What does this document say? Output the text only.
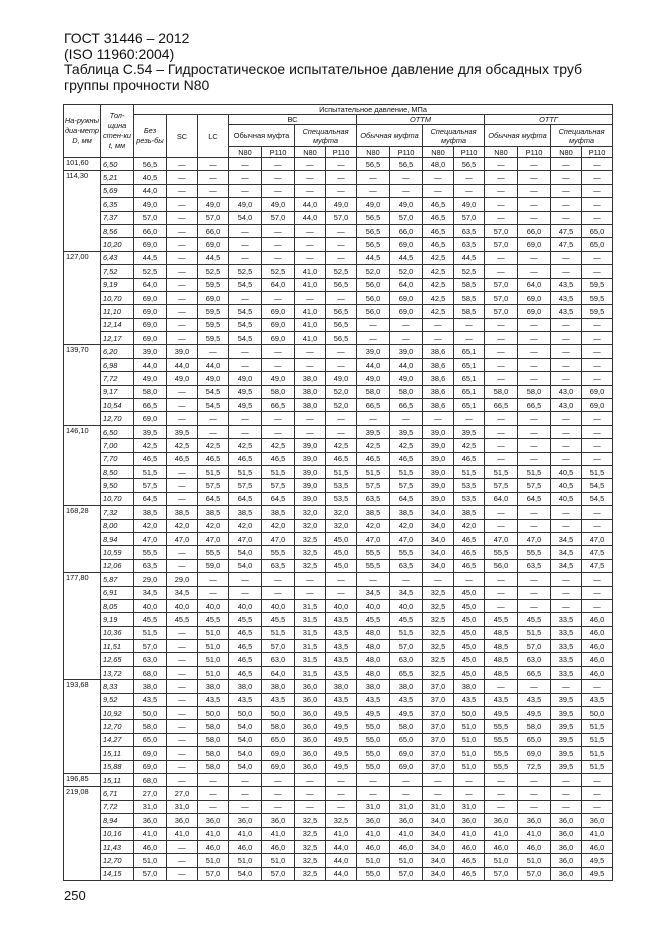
ГОСТ 31446 – 2012
(ISO 11960:2004)
Таблица С.54 – Гидростатическое испытательное давление для обсадных труб
группы прочности N80
На-ружны диа-метр D, мм	Тол-щина стен-ки t, мм	Испытательное давление, МПа														
		Без резь-бы	SC	LC	ВС				ОТТМ				ОТТГ			
					Обычная муфта		Специальная муфта		Обычная муфта		Специальная муфта		Обычная муфта		Специальная муфта	
					N80	P110	N80	P110	N80	P110	N80	P110	N80	P110	N80	P110
101,60	6,50	56,5	—	—	—	—	—	—	56,5	56,5	48,0	56,5	—	—	—	—
114,30	5,21	40,5	—	—	—	—	—	—	—	—	—	—	—	—	—	—
	5,69	44,0	—	—	—	—	—	—	—	—	—	—	—	—	—	—
	6,35	49,0	—	49,0	49,0	49,0	44,0	49,0	49,0	49,0	46,5	49,0	—	—	—	—
	7,37	57,0	—	57,0	54,0	57,0	44,0	57,0	56,5	57,0	46,5	57,0	—	—	—	—
	8,56	66,0	—	66,0	—	—	—	—	56,5	66,0	46,5	63,5	57,0	66,0	47,5	65,0
	10,20	69,0	—	69,0	—	—	—	—	56,5	69,0	46,5	63,5	57,0	69,0	47,5	65,0
127,00	6,43	44,5	—	44,5	—	—	—	—	44,5	44,5	42,5	44,5	—	—	—	—
	7,52	52,5	—	52,5	52,5	52,5	41,0	52,5	52,0	52,0	42,5	52,5	—	—	—	—
	9,19	64,0	—	59,5	54,5	64,0	41,0	56,5	56,0	64,0	42,5	58,5	57,0	64,0	43,5	59,5
	10,70	69,0	—	69,0	—	—	—	—	56,0	69,0	42,5	58,5	57,0	69,0	43,5	59,5
	11,10	69,0	—	59,5	54,5	69,0	41,0	56,5	56,0	69,0	42,5	58,5	57,0	69,0	43,5	59,5
	12,14	69,0	—	59,5	54,5	69,0	41,0	56,5	—	—	—	—	—	—	—	—
	12,17	69,0	—	59,5	54,5	69,0	41,0	56,5	—	—	—	—	—	—	—	—
139,70	6,20	39,0	39,0	—	—	—	—	—	39,0	39,0	38,6	65,1	—	—	—	—
	6,98	44,0	44,0	44,0	—	—	—	—	44,0	44,0	38,6	65,1	—	—	—	—
	7,72	49,0	49,0	49,0	49,0	49,0	38,0	49,0	49,0	49,0	38,6	65,1	—	—	—	—
	9,17	58,0	—	54,5	49,5	58,0	38,0	52,0	58,0	58,0	38,6	65,1	58,0	58,0	43,0	69,0
	10,54	66,5	—	54,5	49,5	66,5	38,0	52,0	66,5	66,5	38,6	65,1	66,5	66,5	43,0	69,0
	12,70	69,0	—	—	—	—	—	—	—	—	—	—	—	—	—	—
146,10	6,50	39,5	39,5	—	—	—	—	—	39,5	39,5	39,0	39,5	—	—	—	—
	7,00	42,5	42,5	42,5	42,5	42,5	39,0	42,5	42,5	42,5	39,0	42,5	—	—	—	—
	7,70	46,5	46,5	46,5	46,5	46,5	39,0	46,5	46,5	46,5	39,0	46,5	—	—	—	—
	8,50	51,5	—	51,5	51,5	51,5	39,0	51,5	51,5	51,5	39,0	51,5	51,5	51,5	40,5	51,5
	9,50	57,5	—	57,5	57,5	57,5	39,0	53,5	57,5	57,5	39,0	53,5	57,5	57,5	40,5	54,5
	10,70	64,5	—	64,5	64,5	64,5	39,0	53,5	63,5	64,5	39,0	53,5	64,0	64,5	40,5	54,5
168,28	7,32	38,5	38,5	38,5	38,5	38,5	32,0	32,0	38,5	38,5	34,0	38,5	—	—	—	—
	8,00	42,0	42,0	42,0	42,0	42,0	32,0	32,0	42,0	42,0	34,0	42,0	—	—	—	—
	8,94	47,0	47,0	47,0	47,0	47,0	32,5	45,0	47,0	47,0	34,0	46,5	47,0	47,0	34,5	47,0
	10,59	55,5	—	55,5	54,0	55,5	32,5	45,0	55,5	55,5	34,0	46,5	55,5	55,5	34,5	47,5
	12,06	63,5	—	59,0	54,0	63,5	32,5	45,0	55,5	63,5	34,0	46,5	56,0	63,5	34,5	47,5
177,80	5,87	29,0	29,0	—	—	—	—	—	—	—	—	—	—	—	—	—
	6,91	34,5	34,5	—	—	—	—	—	34,5	34,5	32,5	45,0	—	—	—	—
	8,05	40,0	40,0	40,0	40,0	40,0	31,5	40,0	40,0	40,0	32,5	45,0	—	—	—	—
	9,19	45,5	45,5	45,5	45,5	45,5	31,5	43,5	45,5	45,5	32,5	45,0	45,5	45,5	33,5	46,0
	10,36	51,5	—	51,0	46,5	51,5	31,5	43,5	48,0	51,5	32,5	45,0	48,5	51,5	33,5	46,0
	11,51	57,0	—	51,0	46,5	57,0	31,5	43,5	48,0	57,0	32,5	45,0	48,5	57,0	33,5	46,0
	12,65	63,0	—	51,0	46,5	63,0	31,5	43,5	48,0	63,0	32,5	45,0	48,5	63,0	33,5	46,0
	13,72	68,0	—	51,0	46,5	64,0	31,5	43,5	48,0	65,5	32,5	45,0	48,5	66,5	33,5	46,0
193,68	8,33	38,0	—	38,0	38,0	38,0	36,0	38,0	38,0	38,0	37,0	38,0	—	—	—	—
	9,52	43,5	—	43,5	43,5	43,5	36,0	43,5	43,5	43,5	37,0	43,5	43,5	43,5	39,5	43,5
	10,92	50,0	—	50,0	50,0	50,0	36,0	49,5	49,5	49,5	37,0	50,0	49,5	49,5	39,5	50,0
	12,70	58,0	—	58,0	54,0	58,0	36,0	49,5	55,0	58,0	37,0	51,0	55,5	58,0	39,5	51,5
	14,27	65,0	—	58,0	54,0	65,0	36,0	49,5	55,0	65,0	37,0	51,0	55,5	65,0	39,5	51,5
	15,11	69,0	—	58,0	54,0	69,0	36,0	49,5	55,0	69,0	37,0	51,0	55,5	69,0	39,5	51,5
	15,88	69,0	—	58,0	54,0	69,0	36,0	49,5	55,0	69,0	37,0	51,0	55,5	72,5	39,5	51,5
196,85	15,11	68,0	—	—	—	—	—	—	—	—	—	—	—	—	—	—
219,08	6,71	27,0	27,0	—	—	—	—	—	—	—	—	—	—	—	—	—
	7,72	31,0	31,0	—	—	—	—	—	31,0	31,0	31,0	31,0	—	—	—	—
	8,94	36,0	36,0	36,0	36,0	36,0	32,5	32,5	36,0	36,0	34,0	36,0	36,0	36,0	36,0	36,0
	10,16	41,0	41,0	41,0	41,0	41,0	32,5	41,0	41,0	41,0	34,0	41,0	41,0	41,0	36,0	41,0
	11,43	46,0	—	46,0	46,0	46,0	32,5	44,0	46,0	46,0	34,0	46,0	46,0	46,0	36,0	46,0
	12,70	51,0	—	51,0	51,0	51,0	32,5	44,0	51,0	51,0	34,0	46,5	51,0	51,0	36,0	49,5
	14,15	57,0	—	57,0	54,0	57,0	32,5	44,0	55,0	57,0	34,0	46,5	57,0	57,0	36,0	49,5
250
